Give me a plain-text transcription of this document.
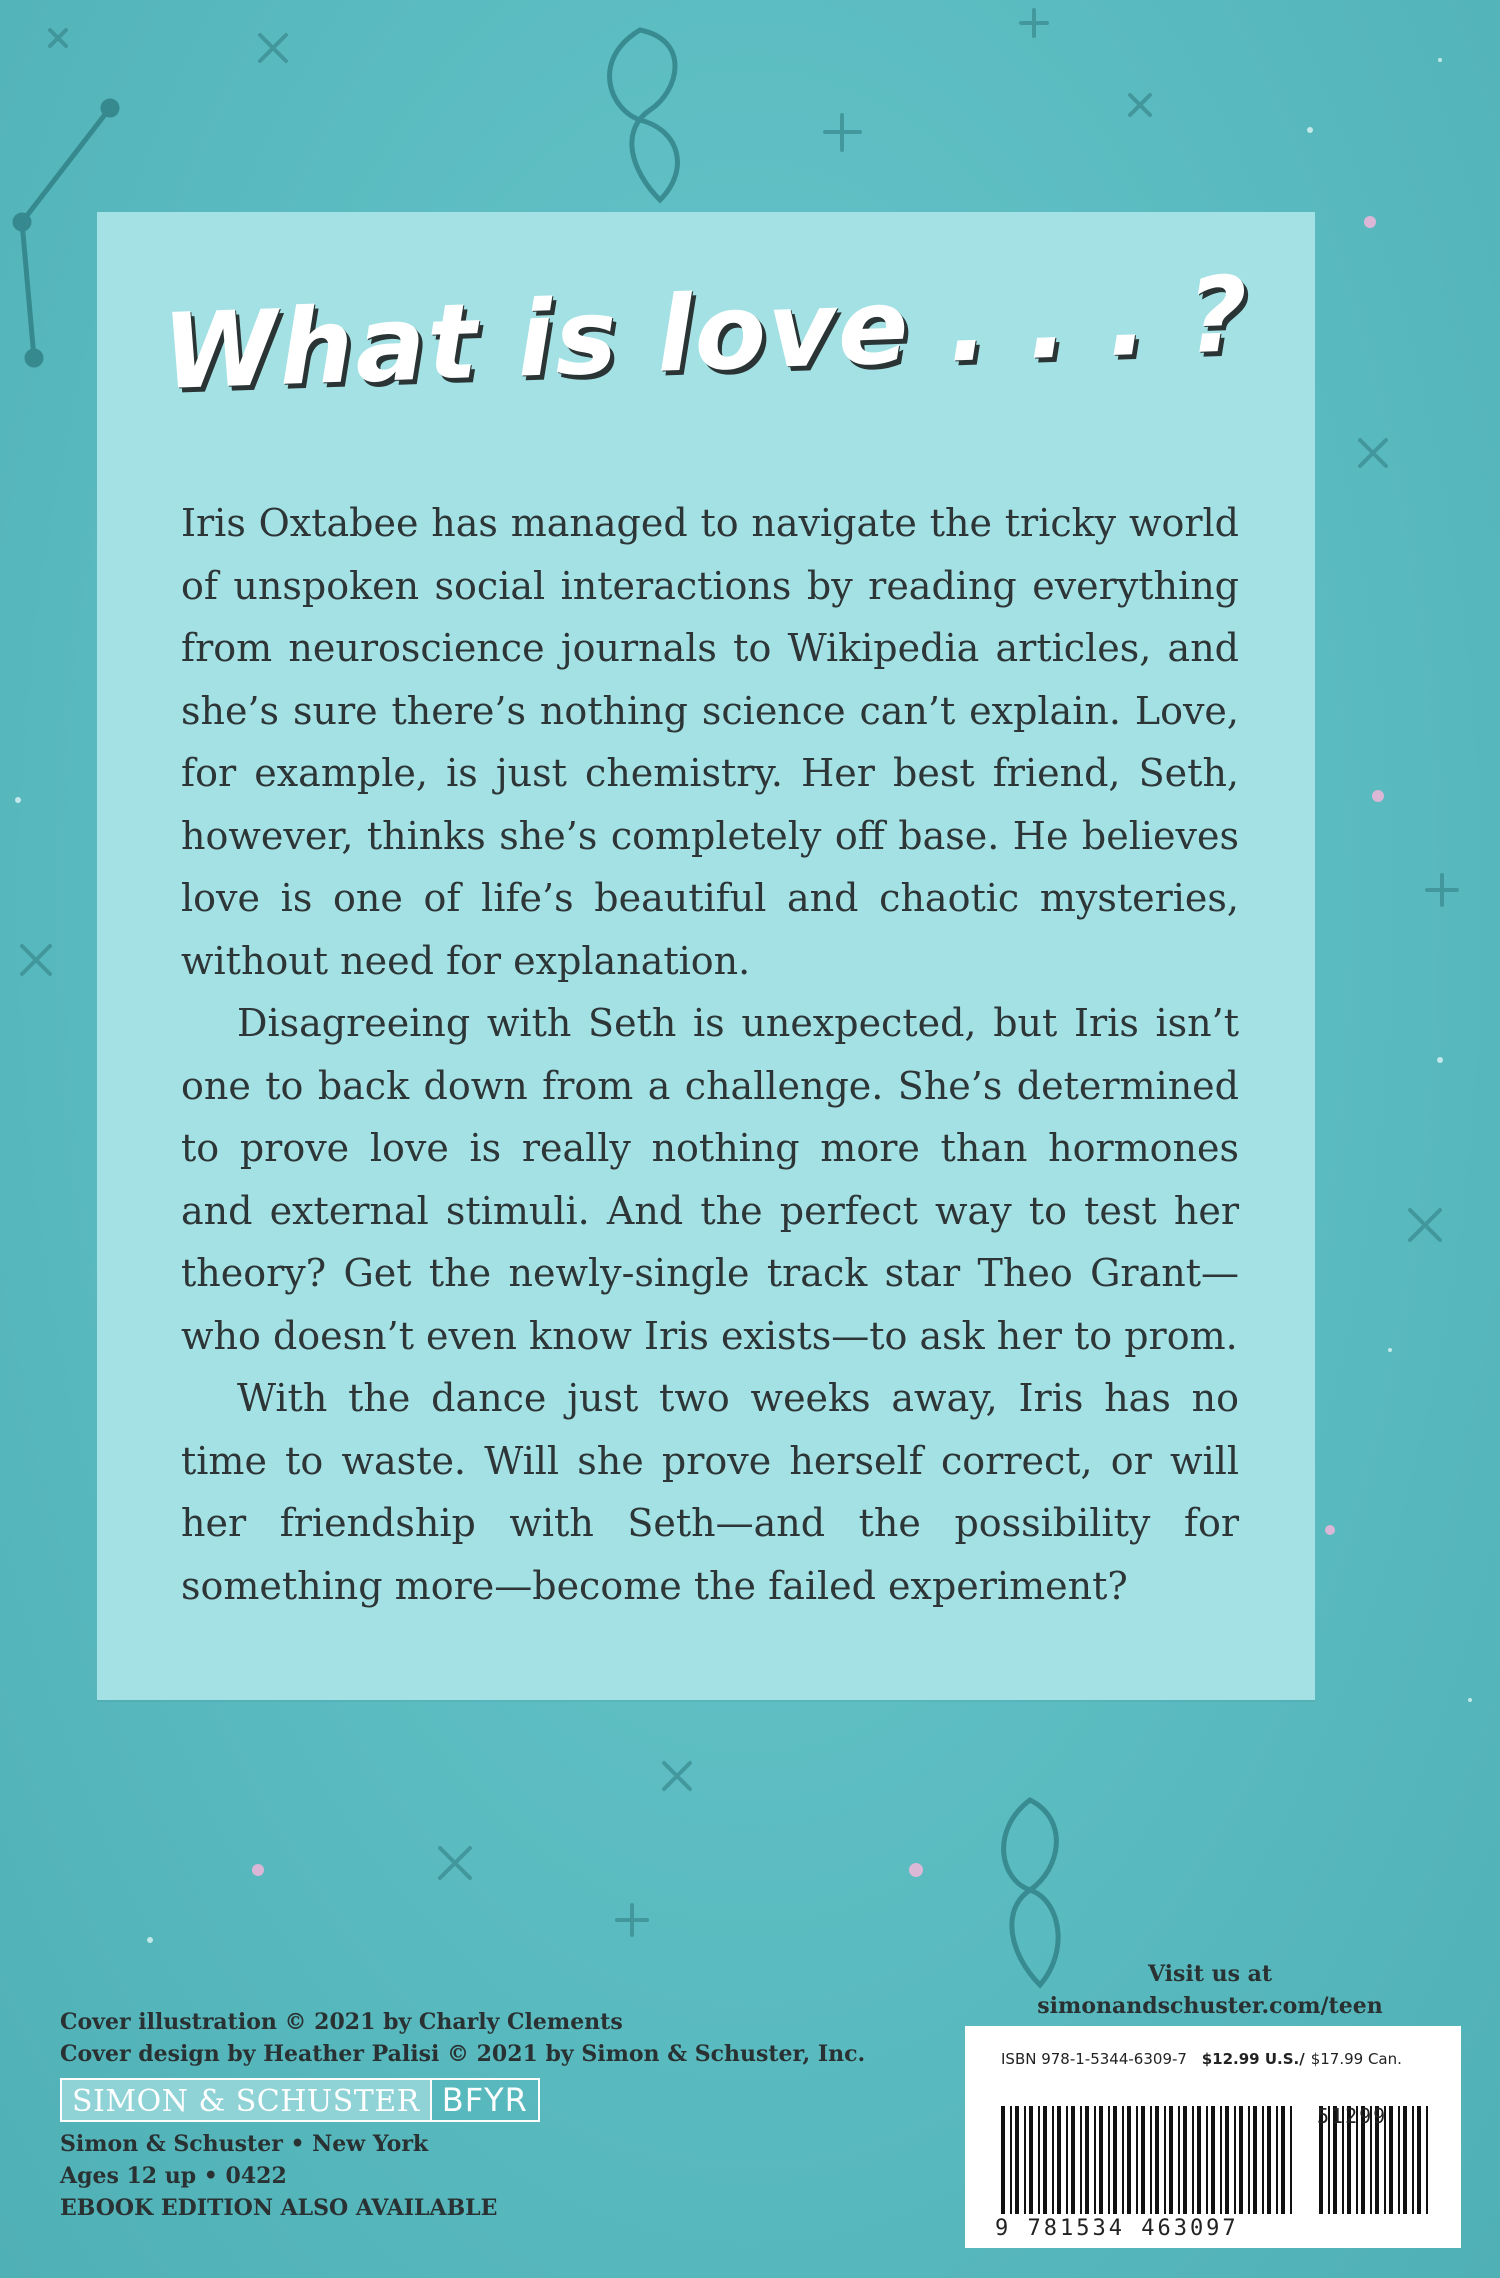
What is love . . . ?

Iris Oxtabee has managed to navigate the tricky world of unspoken social interactions by reading everything from neuroscience journals to Wikipedia articles, and she’s sure there’s nothing science can’t explain. Love, for example, is just chemistry. Her best friend, Seth, however, thinks she’s completely off base. He believes love is one of life’s beautiful and chaotic mysteries, without need for explanation.

Disagreeing with Seth is unexpected, but Iris isn’t one to back down from a challenge. She’s determined to prove love is really nothing more than hormones and external stimuli. And the perfect way to test her theory? Get the newly-single track star Theo Grant—who doesn’t even know Iris exists—to ask her to prom.

With the dance just two weeks away, Iris has no time to waste. Will she prove herself correct, or will her friendship with Seth—and the possibility for something more—become the failed experiment?

Cover illustration © 2021 by Charly Clements
Cover design by Heather Palisi © 2021 by Simon & Schuster, Inc.
SIMON & SCHUSTER BFYR
Simon & Schuster • New York
Ages 12 up • 0422
EBOOK EDITION ALSO AVAILABLE
Visit us at
simonandschuster.com/teen
ISBN 978-1-5344-6309-7 $12.99 U.S./ $17.99 Can.
51299
9 781534 463097
